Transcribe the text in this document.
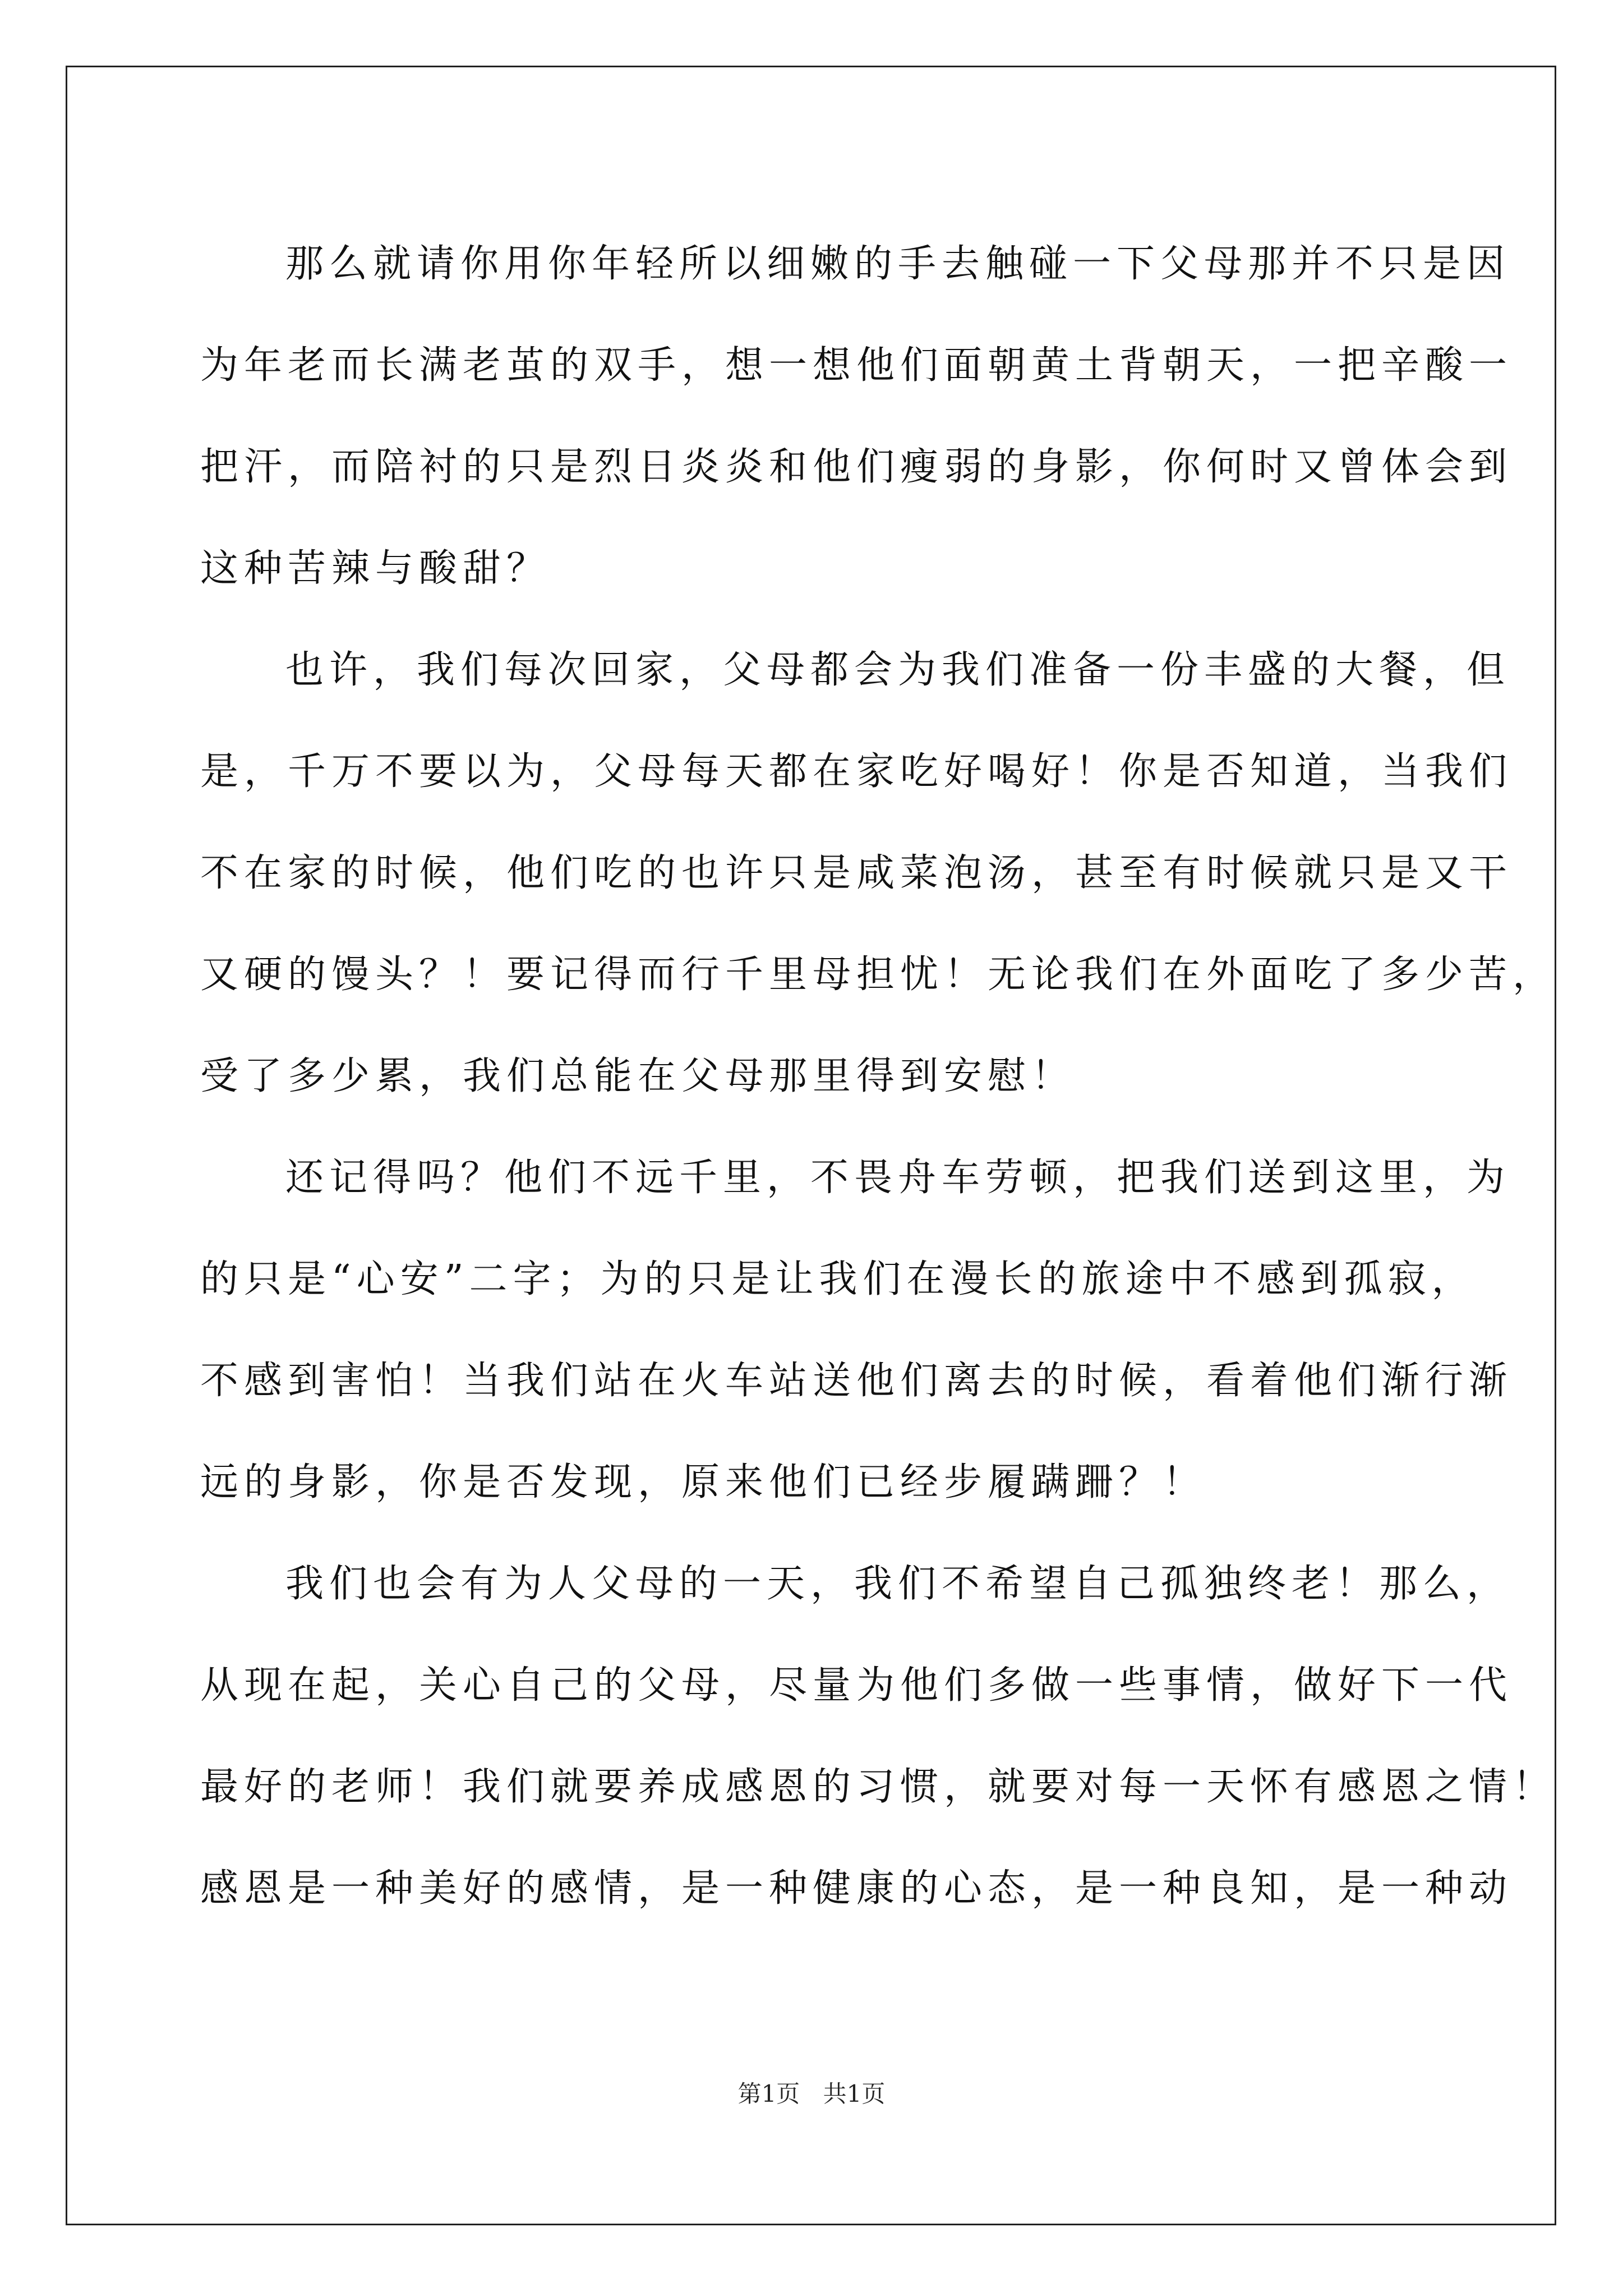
那么就请你用你年轻所以细嫩的手去触碰一下父母那并不只是因
为年老而长满老茧的双手，想一想他们面朝黄土背朝天，一把辛酸一
把汗，而陪衬的只是烈日炎炎和他们瘦弱的身影，你何时又曾体会到
这种苦辣与酸甜？
也许，我们每次回家，父母都会为我们准备一份丰盛的大餐，但
是，千万不要以为，父母每天都在家吃好喝好！你是否知道，当我们
不在家的时候，他们吃的也许只是咸菜泡汤，甚至有时候就只是又干
又硬的馒头？！要记得而行千里母担忧！无论我们在外面吃了多少苦，
受了多少累，我们总能在父母那里得到安慰！
还记得吗？他们不远千里，不畏舟车劳顿，把我们送到这里，为
的只是“心安”二字；为的只是让我们在漫长的旅途中不感到孤寂，
不感到害怕！当我们站在火车站送他们离去的时候，看着他们渐行渐
远的身影，你是否发现，原来他们已经步履蹒跚？！
我们也会有为人父母的一天，我们不希望自己孤独终老！那么，
从现在起，关心自己的父母，尽量为他们多做一些事情，做好下一代
最好的老师！我们就要养成感恩的习惯，就要对每一天怀有感恩之情！
感恩是一种美好的感情，是一种健康的心态，是一种良知，是一种动
第1页 共1页
